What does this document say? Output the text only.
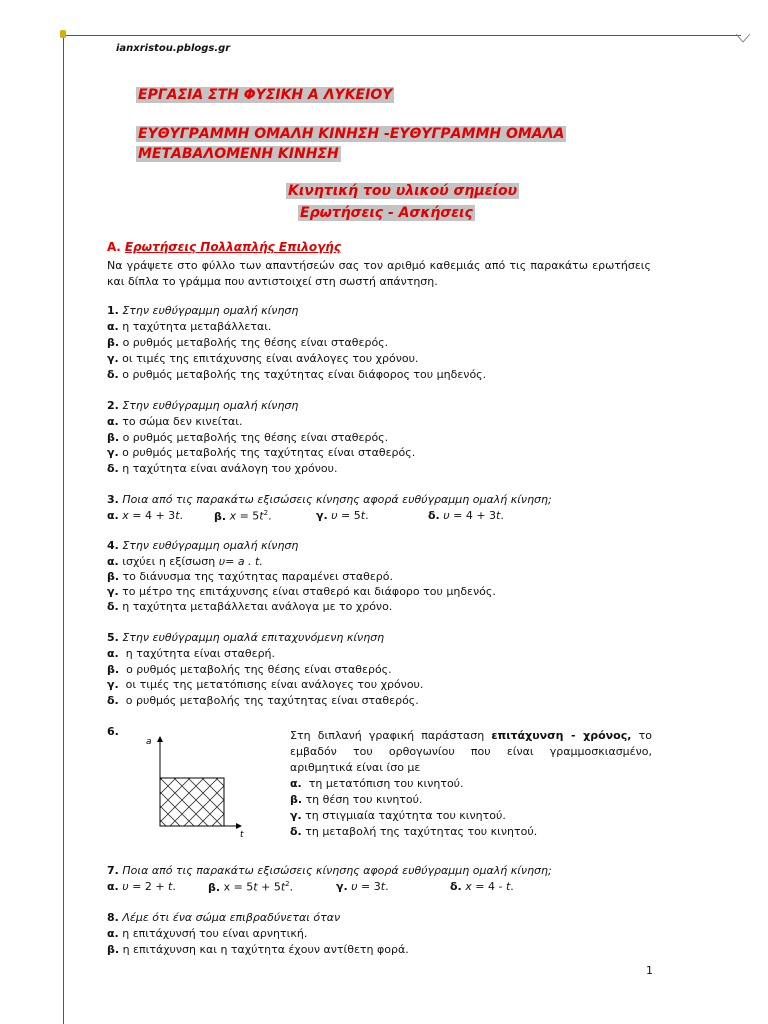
ianxristou.pblogs.gr
ΕΡΓΑΣΙΑ ΣΤΗ ΦΥΣΙΚΗ Α ΛΥΚΕΙΟΥ
ΕΥΘΥΓΡΑΜΜΗ ΟΜΑΛΗ ΚΙΝΗΣΗ -ΕΥΘΥΓΡΑΜΜΗ ΟΜΑΛΑ
ΜΕΤΑΒΑΛΟΜΕΝΗ ΚΙΝΗΣΗ
Κινητική του υλικού σημείου
Ερωτήσεις - Ασκήσεις
Α. Ερωτήσεις Πολλαπλής Επιλογής
Να γράψετε στο φύλλο των απαντήσεών σας τον αριθμό καθεμιάς από τις παρακάτω ερωτήσεις και δίπλα το γράμμα που αντιστοιχεί στη σωστή απάντηση.
1. Στην ευθύγραμμη ομαλή κίνηση
α. η ταχύτητα μεταβάλλεται.
β. ο ρυθμός μεταβολής της θέσης είναι σταθερός.
γ. οι τιμές της επιτάχυνσης είναι ανάλογες του χρόνου.
δ. ο ρυθμός μεταβολής της ταχύτητας είναι διάφορος του μηδενός.
2. Στην ευθύγραμμη ομαλή κίνηση
α. το σώμα δεν κινείται.
β. ο ρυθμός μεταβολής της θέσης είναι σταθερός.
γ. ο ρυθμός μεταβολής της ταχύτητας είναι σταθερός.
δ. η ταχύτητα είναι ανάλογη του χρόνου.
3. Ποια από τις παρακάτω εξισώσεις κίνησης αφορά ευθύγραμμη ομαλή κίνηση;
α. x = 4 + 3t.	β. $x = 5t^2$.	γ. υ = 5t.	δ. υ = 4 + 3t.
4. Στην ευθύγραμμη ομαλή κίνηση
α. ισχύει η εξίσωση υ= a . t.
β. το διάνυσμα της ταχύτητας παραμένει σταθερό.
γ. το μέτρο της επιτάχυνσης είναι σταθερό και διάφορο του μηδενός.
δ. η ταχύτητα μεταβάλλεται ανάλογα με το χρόνο.
5. Στην ευθύγραμμη ομαλά επιταχυνόμενη κίνηση
α. η ταχύτητα είναι σταθερή.
β. ο ρυθμός μεταβολής της θέσης είναι σταθερός.
γ. οι τιμές της μετατόπισης είναι ανάλογες του χρόνου.
δ. ο ρυθμός μεταβολής της ταχύτητας είναι σταθερός.
6.
a
t
Στη διπλανή γραφική παράσταση επιτάχυνση - χρόνος, το εμβαδόν του ορθογωνίου που είναι γραμμοσκιασμένο, αριθμητικά είναι ίσο με
α. τη μετατόπιση του κινητού.
β. τη θέση του κινητού.
γ. τη στιγμιαία ταχύτητα του κινητού.
δ. τη μεταβολή της ταχύτητας του κινητού.
7. Ποια από τις παρακάτω εξισώσεις κίνησης αφορά ευθύγραμμη ομαλή κίνηση;
α. υ = 2 + t.	β. $x = 5t + 5t^2$.	γ. υ = 3t.	δ. x = 4 - t.
8. Λέμε ότι ένα σώμα επιβραδύνεται όταν
α. η επιτάχυνσή του είναι αρνητική.
β. η επιτάχυνση και η ταχύτητα έχουν αντίθετη φορά.
1
